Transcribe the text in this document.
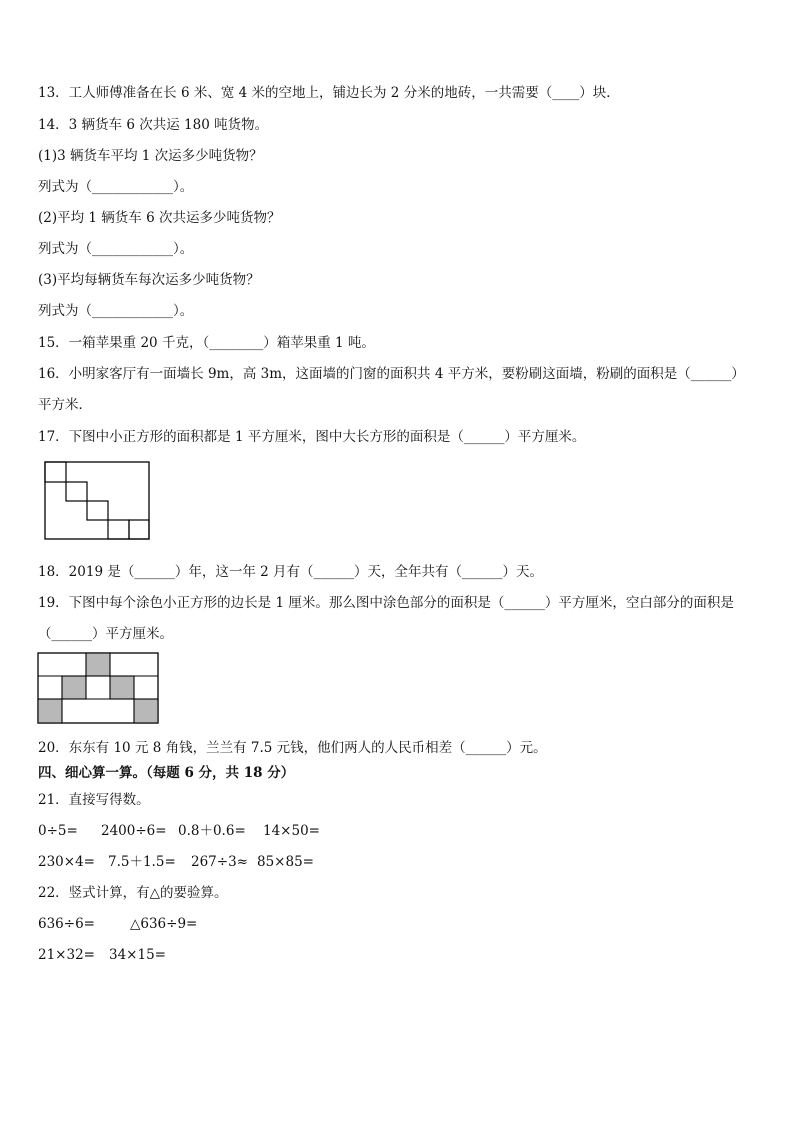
13．工人师傅准备在长 6 米、宽 4 米的空地上，铺边长为 2 分米的地砖，一共需要（____）块．
14．3 辆货车 6 次共运 180 吨货物。
(1)3 辆货车平均 1 次运多少吨货物？
列式为（____________）。
(2)平均 1 辆货车 6 次共运多少吨货物？
列式为（____________）。
(3)平均每辆货车每次运多少吨货物？
列式为（____________）。
15．一箱苹果重 20 千克，（________）箱苹果重 1 吨。
16．小明家客厅有一面墙长 9m，高 3m，这面墙的门窗的面积共 4 平方米，要粉刷这面墙，粉刷的面积是（______）
平方米．
17．下图中小正方形的面积都是 1 平方厘米，图中大长方形的面积是（______）平方厘米。
18．2019 是（______）年，这一年 2 月有（______）天，全年共有（______）天。
19．下图中每个涂色小正方形的边长是 1 厘米。那么图中涂色部分的面积是（______）平方厘米，空白部分的面积是
（______）平方厘米。
20．东东有 10 元 8 角钱，兰兰有 7.5 元钱，他们两人的人民币相差（______）元。
四、细心算一算。（每题 6 分，共 18 分）
21．直接写得数。
0÷5= 2400÷6= 0.8＋0.6= 14×50=
230×4= 7.5＋1.5= 267÷3≈ 85×85=
22．竖式计算，有△的要验算。
636÷6=	△636÷9=
21×32= 34×15=
